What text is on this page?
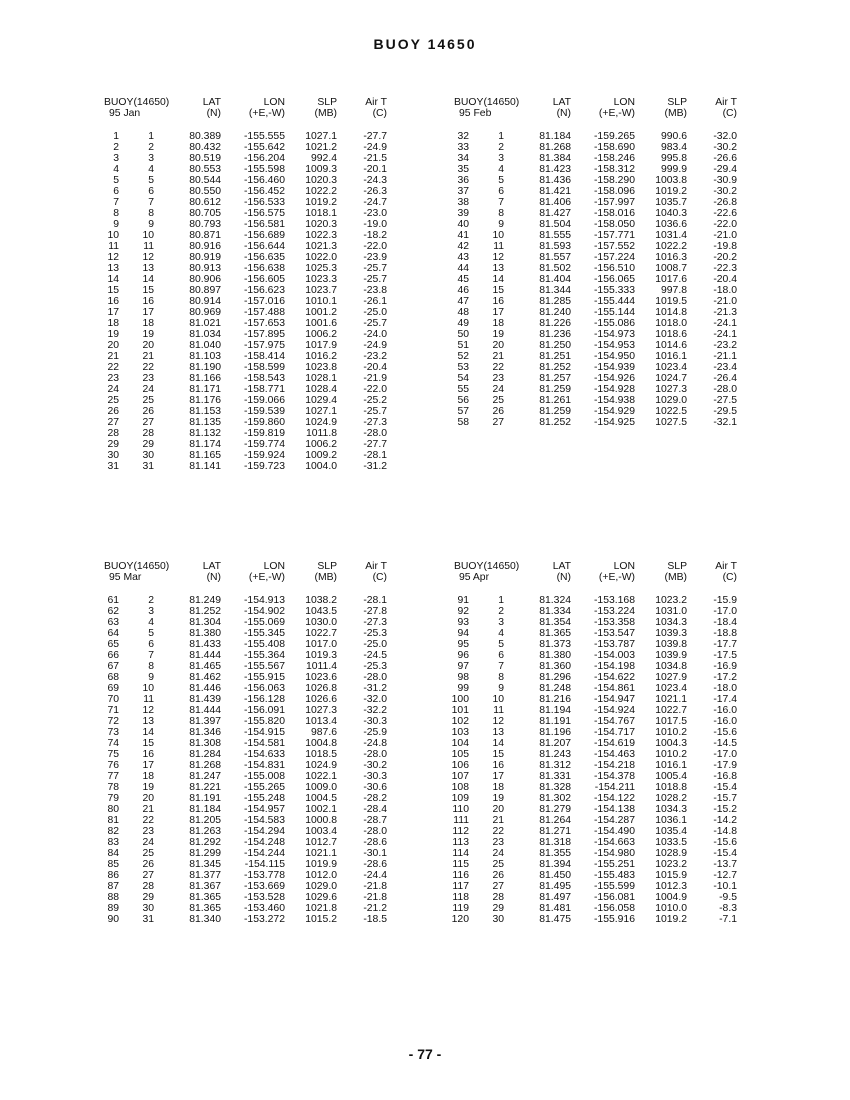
BUOY 14650
BUOY(14650)
95 Jan
LAT
(N)
LON
(+E,-W)
SLP
(MB)
Air T
(C)
1	1	80.389 -155.555 1027.1	-27.7
2	2	80.432 -155.642 1021.2	-24.9
3	3	80.519 -156.204 992.4	-21.5
4	4	80.553 -155.598 1009.3	-20.1
5	5	80.544 -156.460 1020.3	-24.3
6	6	80.550 -156.452 1022.2	-26.3
7	7	80.612 -156.533 1019.2	-24.7
8	8	80.705 -156.575 1018.1	-23.0
9	9	80.793 -156.581 1020.3	-19.0
10 10	80.871 -156.689 1022.3	-18.2
11 11	80.916 -156.644 1021.3	-22.0
12 12	80.919 -156.635 1022.0	-23.9
13 13	80.913 -156.638 1025.3	-25.7
14 14	80.906 -156.605 1023.3	-25.7
15 15	80.897 -156.623 1023.7	-23.8
16 16	80.914 -157.016 1010.1	-26.1
17 17	80.969 -157.488 1001.2	-25.0
18 18	81.021 -157.653 1001.6	-25.7
19 19	81.034 -157.895 1006.2	-24.0
20 20	81.040 -157.975 1017.9	-24.9
21 21	81.103 -158.414 1016.2	-23.2
22 22	81.190 -158.599 1023.8	-20.4
23 23	81.166 -158.543 1028.1	-21.9
24 24	81.171 -158.771 1028.4	-22.0
25 25	81.176 -159.066 1029.4	-25.2
26 26	81.153 -159.539 1027.1	-25.7
27 27	81.135 -159.860 1024.9	-27.3
28 28	81.132 -159.819 1011.8	-28.0
29 29	81.174 -159.774 1006.2	-27.7
30 30	81.165 -159.924 1009.2	-28.1
31 31	81.141 -159.723 1004.0	-31.2
BUOY(14650)
95 Feb
LAT
(N)
LON
(+E,-W)
SLP
(MB)
Air T
(C)
32	1	81.184 -159.265 990.6	-32.0
33	2	81.268 -158.690 983.4	-30.2
34	3	81.384 -158.246 995.8	-26.6
35	4	81.423 -158.312 999.9	-29.4
36	5	81.436 -158.290 1003.8	-30.9
37	6	81.421 -158.096 1019.2	-30.2
38	7	81.406 -157.997 1035.7	-26.8
39	8	81.427 -158.016 1040.3	-22.6
40	9	81.504 -158.050 1036.6	-22.0
41 10	81.555 -157.771 1031.4	-21.0
42 11	81.593 -157.552 1022.2	-19.8
43 12	81.557 -157.224 1016.3	-20.2
44 13	81.502 -156.510 1008.7	-22.3
45 14	81.404 -156.065 1017.6	-20.4
46 15	81.344 -155.333 997.8	-18.0
47 16	81.285 -155.444 1019.5	-21.0
48 17	81.240 -155.144 1014.8	-21.3
49 18	81.226 -155.086 1018.0	-24.1
50 19	81.236 -154.973 1018.6	-24.1
51 20	81.250 -154.953 1014.6	-23.2
52 21	81.251 -154.950 1016.1	-21.1
53 22	81.252 -154.939 1023.4	-23.4
54 23	81.257 -154.926 1024.7	-26.4
55 24	81.259 -154.928 1027.3	-28.0
56 25	81.261 -154.938 1029.0	-27.5
57 26	81.259 -154.929 1022.5	-29.5
58 27	81.252 -154.925 1027.5	-32.1
BUOY(14650)
95 Mar
LAT
(N)
LON
(+E,-W)
SLP
(MB)
Air T
(C)
61	2	81.249 -154.913 1038.2	-28.1
62	3	81.252 -154.902 1043.5	-27.8
63	4	81.304 -155.069 1030.0	-27.3
64	5	81.380 -155.345 1022.7	-25.3
65	6	81.433 -155.408 1017.0	-25.0
66	7	81.444 -155.364 1019.3	-24.5
67	8	81.465 -155.567 1011.4	-25.3
68	9	81.462 -155.915 1023.6	-28.0
69 10	81.446 -156.063 1026.8	-31.2
70 11	81.439 -156.128 1026.6	-32.0
71 12	81.444 -156.091 1027.3	-32.2
72 13	81.397 -155.820 1013.4	-30.3
73 14	81.346 -154.915 987.6	-25.9
74 15	81.308 -154.581 1004.8	-24.8
75 16	81.284 -154.633 1018.5	-28.0
76 17	81.268 -154.831 1024.9	-30.2
77 18	81.247 -155.008 1022.1	-30.3
78 19	81.221 -155.265 1009.0	-30.6
79 20	81.191 -155.248 1004.5	-28.2
80 21	81.184 -154.957 1002.1	-28.4
81 22	81.205 -154.583 1000.8	-28.7
82 23	81.263 -154.294 1003.4	-28.0
83 24	81.292 -154.248 1012.7	-28.6
84 25	81.299 -154.244 1021.1	-30.1
85 26	81.345 -154.115 1019.9	-28.6
86 27	81.377 -153.778 1012.0	-24.4
87 28	81.367 -153.669 1029.0	-21.8
88 29	81.365 -153.528 1029.6	-21.8
89 30	81.365 -153.460 1021.8	-21.2
90 31	81.340 -153.272 1015.2	-18.5
BUOY(14650)
95 Apr
LAT
(N)
LON
(+E,-W)
SLP
(MB)
Air T
(C)
91	1	81.324 -153.168 1023.2	-15.9
92	2	81.334 -153.224 1031.0	-17.0
93	3	81.354 -153.358 1034.3	-18.4
94	4	81.365 -153.547 1039.3	-18.8
95	5	81.373 -153.787 1039.8	-17.7
96	6	81.380 -154.003 1039.9	-17.5
97	7	81.360 -154.198 1034.8	-16.9
98	8	81.296 -154.622 1027.9	-17.2
99	9	81.248 -154.861 1023.4	-18.0
100 10	81.216 -154.947 1021.1	-17.4
101 11	81.194 -154.924 1022.7	-16.0
102 12	81.191 -154.767 1017.5	-16.0
103 13	81.196 -154.717 1010.2	-15.6
104 14	81.207 -154.619 1004.3	-14.5
105 15	81.243 -154.463 1010.2	-17.0
106 16	81.312 -154.218 1016.1	-17.9
107 17	81.331 -154.378 1005.4	-16.8
108 18	81.328 -154.211 1018.8	-15.4
109 19	81.302 -154.122 1028.2	-15.7
110 20	81.279 -154.138 1034.3	-15.2
111 21	81.264 -154.287 1036.1	-14.2
112 22	81.271 -154.490 1035.4	-14.8
113 23	81.318 -154.663 1033.5	-15.6
114 24	81.355 -154.980 1028.9	-15.4
115 25	81.394 -155.251 1023.2	-13.7
116 26	81.450 -155.483 1015.9	-12.7
117 27	81.495 -155.599 1012.3	-10.1
118 28	81.497 -156.081 1004.9	-9.5
119 29	81.481 -156.058 1010.0	-8.3
120 30	81.475 -155.916 1019.2	-7.1
- 77 -
